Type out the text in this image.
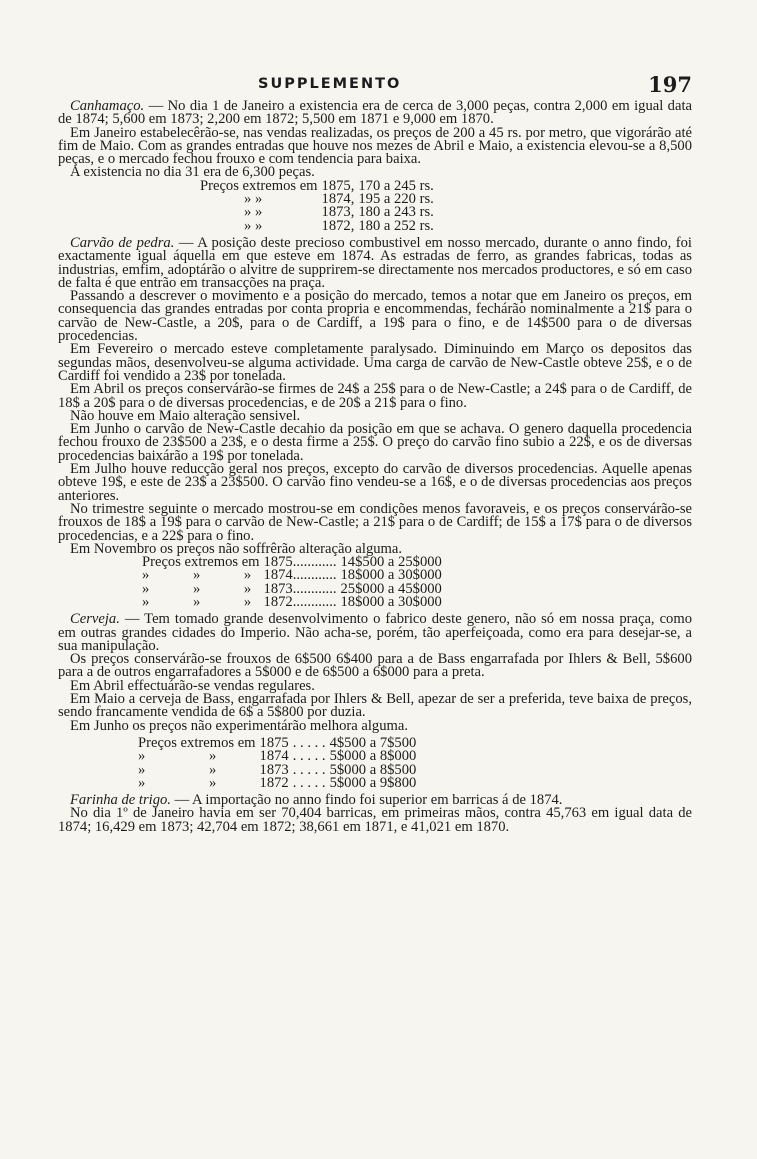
SUPPLEMENTO	197

Canhamaço. — No dia 1 de Janeiro a existencia era de cerca de 3,000 peças, contra 2,000 em igual data de 1874; 5,600 em 1873; 2,200 em 1872; 5,500 em 1871 e 9,000 em 1870.

Em Janeiro estabelecêrão-se, nas vendas realizadas, os preços de 200 a 45 rs. por metro, que vigorárão até fim de Maio. Com as grandes entradas que houve nos mezes de Abril e Maio, a existencia elevou-se a 8,500 peças, e o mercado fechou frouxo e com tendencia para baixa.

A existencia no dia 31 era de 6,300 peças.

Preços extremos em	1875,	170 a 245 rs.
» »	1874,	195 a 220 rs.
» »	1873,	180 a 243 rs.
» »	1872,	180 a 252 rs.

Carvão de pedra. — A posição deste precioso combustivel em nosso mercado, durante o anno findo, foi exactamente igual áquella em que esteve em 1874. As estradas de ferro, as grandes fabricas, todas as industrias, emfim, adoptárão o alvitre de supprirem-se directamente nos mercados productores, e só em caso de falta é que entrão em transacções na praça.

Passando a descrever o movimento e a posição do mercado, temos a notar que em Janeiro os preços, em consequencia das grandes entradas por conta propria e encommendas, fechárão nominalmente a 21$ para o carvão de New-Castle, a 20$, para o de Cardiff, a 19$ para o fino, e de 14$500 para o de diversas procedencias.

Em Fevereiro o mercado esteve completamente paralysado. Diminuindo em Março os depositos das segundas mãos, desenvolveu-se alguma actividade. Uma carga de carvão de New-Castle obteve 25$, e o de Cardiff foi vendido a 23$ por tonelada.

Em Abril os preços conservárão-se firmes de 24$ a 25$ para o de New-Castle; a 24$ para o de Cardiff, de 18$ a 20$ para o de diversas procedencias, e de 20$ a 21$ para o fino.

Não houve em Maio alteração sensivel.

Em Junho o carvão de New-Castle decahio da posição em que se achava. O genero daquella procedencia fechou frouxo de 23$500 a 23$, e o desta firme a 25$. O preço do carvão fino subio a 22$, e os de diversas procedencias baixárão a 19$ por tonelada.

Em Julho houve reducção geral nos preços, excepto do carvão de diversos procedencias. Aquelle apenas obteve 19$, e este de 23$ a 23$500. O carvão fino vendeu-se a 16$, e o de diversas procedencias aos preços anteriores.

No trimestre seguinte o mercado mostrou-se em condições menos favoraveis, e os preços conservárão-se frouxos de 18$ a 19$ para o carvão de New-Castle; a 21$ para o de Cardiff; de 15$ a 17$ para o de diversos procedencias, e a 22$ para o fino.

Em Novembro os preços não soffrêrão alteração alguma.

Preços extremos em	1875............	14$500 a 25$000
» » »	1874............	18$000 a 30$000
» » »	1873............	25$000 a 45$000
» » »	1872............	18$000 a 30$000

Cerveja. — Tem tomado grande desenvolvimento o fabrico deste genero, não só em nossa praça, como em outras grandes cidades do Imperio. Não acha-se, porém, tão aperfeiçoada, como era para desejar-se, a sua manipulação.

Os preços conservárão-se frouxos de 6$500 6$400 para a de Bass engarrafada por Ihlers & Bell, 5$600 para a de outros engarrafadores a 5$000 e de 6$500 a 6$000 para a preta.

Em Abril effectuárão-se vendas regulares.

Em Maio a cerveja de Bass, engarrafada por Ihlers & Bell, apezar de ser a preferida, teve baixa de preços, sendo francamente vendida de 6$ a 5$800 por duzia.

Em Junho os preços não experimentárão melhora alguma.

Preços extremos em	1875	. . . . .	4$500 a 7$500
» »	1874	. . . . .	5$000 a 8$000
» »	1873	. . . . .	5$000 a 8$500
» »	1872	. . . . .	5$000 a 9$800

Farinha de trigo. — A importação no anno findo foi superior em barricas á de 1874.

No dia 1º de Janeiro havia em ser 70,404 barricas, em primeiras mãos, contra 45,763 em igual data de 1874; 16,429 em 1873; 42,704 em 1872; 38,661 em 1871, e 41,021 em 1870.
